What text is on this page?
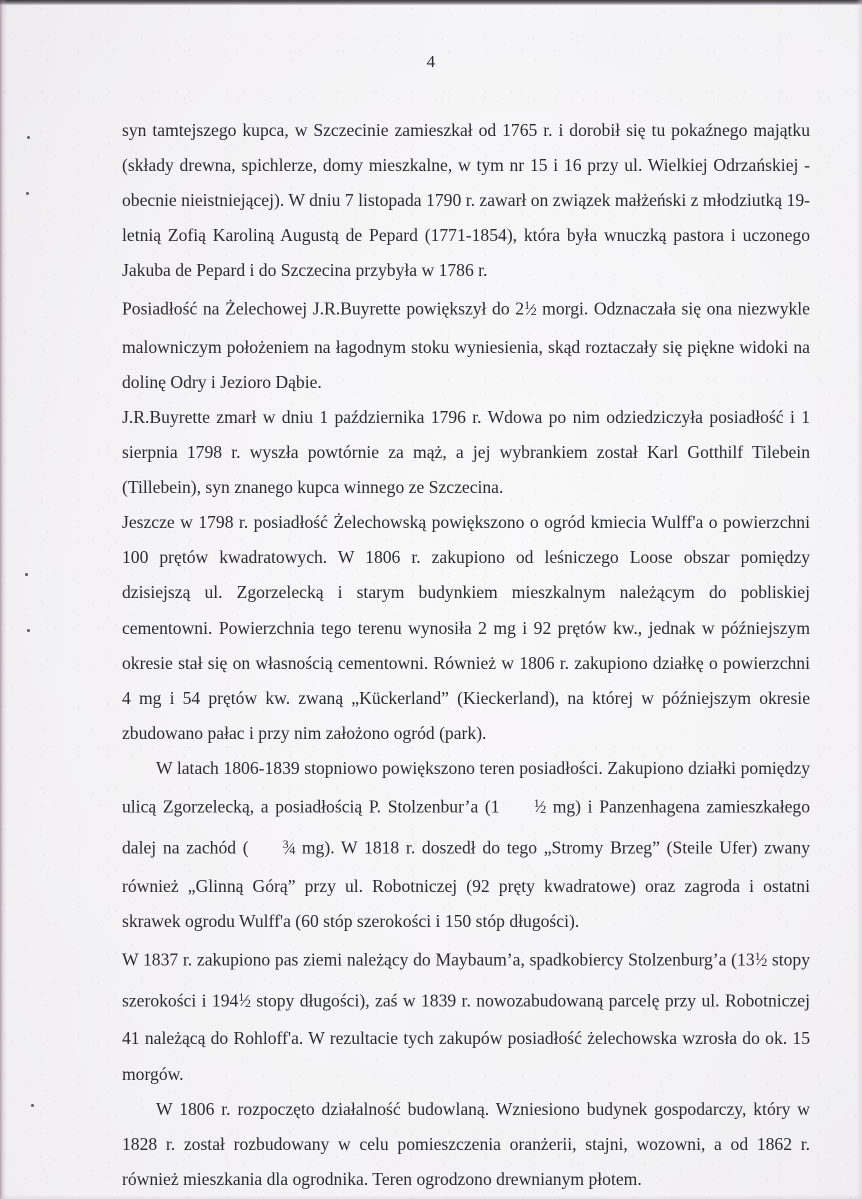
4

syn tamtejszego kupca, w Szczecinie zamieszkał od 1765 r. i dorobił się tu pokaźnego majątku (składy drewna, spichlerze, domy mieszkalne, w tym nr 15 i 16 przy ul. Wielkiej Odrzańskiej - obecnie nieistniejącej). W dniu 7 listopada 1790 r. zawarł on związek małżeński z młodziutką 19-letnią Zofią Karoliną Augustą de Pepard (1771-1854), która była wnuczką pastora i uczonego Jakuba de Pepard i do Szczecina przybyła w 1786 r.

Posiadłość na Żelechowej J.R.Buyrette powiększył do $2^1⁄2$ morgi. Odznaczała się ona niezwykle malowniczym położeniem na łagodnym stoku wyniesienia, skąd roztaczały się piękne widoki na dolinę Odry i Jezioro Dąbie.

J.R.Buyrette zmarł w dniu 1 października 1796 r. Wdowa po nim odziedziczyła posiadłość i 1 sierpnia 1798 r. wyszła powtórnie za mąż, a jej wybrankiem został Karl Gotthilf Tilebein (Tillebein), syn znanego kupca winnego ze Szczecina.

Jeszcze w 1798 r. posiadłość Żelechowską powiększono o ogród kmiecia Wulff'a o powierzchni 100 prętów kwadratowych. W 1806 r. zakupiono od leśniczego Loose obszar pomiędzy dzisiejszą ul. Zgorzelecką i starym budynkiem mieszkalnym należącym do pobliskiej cementowni. Powierzchnia tego terenu wynosiła 2 mg i 92 prętów kw., jednak w późniejszym okresie stał się on własnością cementowni. Również w 1806 r. zakupiono działkę o powierzchni 4 mg i 54 prętów kw. zwaną „Kückerland” (Kieckerland), na której w późniejszym okresie zbudowano pałac i przy nim założono ogród (park).

W latach 1806-1839 stopniowo powiększono teren posiadłości. Zakupiono działki pomiędzy ulicą Zgorzelecką, a posiadłością P. Stolzenbur’a (1	$^1$⁄2 mg) i Panzenhagena zamieszkałego dalej na zachód (	$^3$⁄4 mg). W 1818 r. doszedł do tego „Stromy Brzeg” (Steile Ufer) zwany również „Glinną Górą” przy ul. Robotniczej (92 pręty kwadratowe) oraz zagroda i ostatni skrawek ogrodu Wulff'a (60 stóp szerokości i 150 stóp długości).

W 1837 r. zakupiono pas ziemi należący do Maybaum’a, spadkobiercy Stolzenburg’a ($13^1⁄2$ stopy szerokości i $194^1⁄2$ stopy długości), zaś w 1839 r. nowozabudowaną parcelę przy ul. Robotniczej 41 należącą do Rohloff'a. W rezultacie tych zakupów posiadłość żelechowska wzrosła do ok. 15 morgów.

W 1806 r. rozpoczęto działalność budowlaną. Wzniesiono budynek gospodarczy, który w 1828 r. został rozbudowany w celu pomieszczenia oranżerii, stajni, wozowni, a od 1862 r. również mieszkania dla ogrodnika. Teren ogrodzono drewnianym płotem.
